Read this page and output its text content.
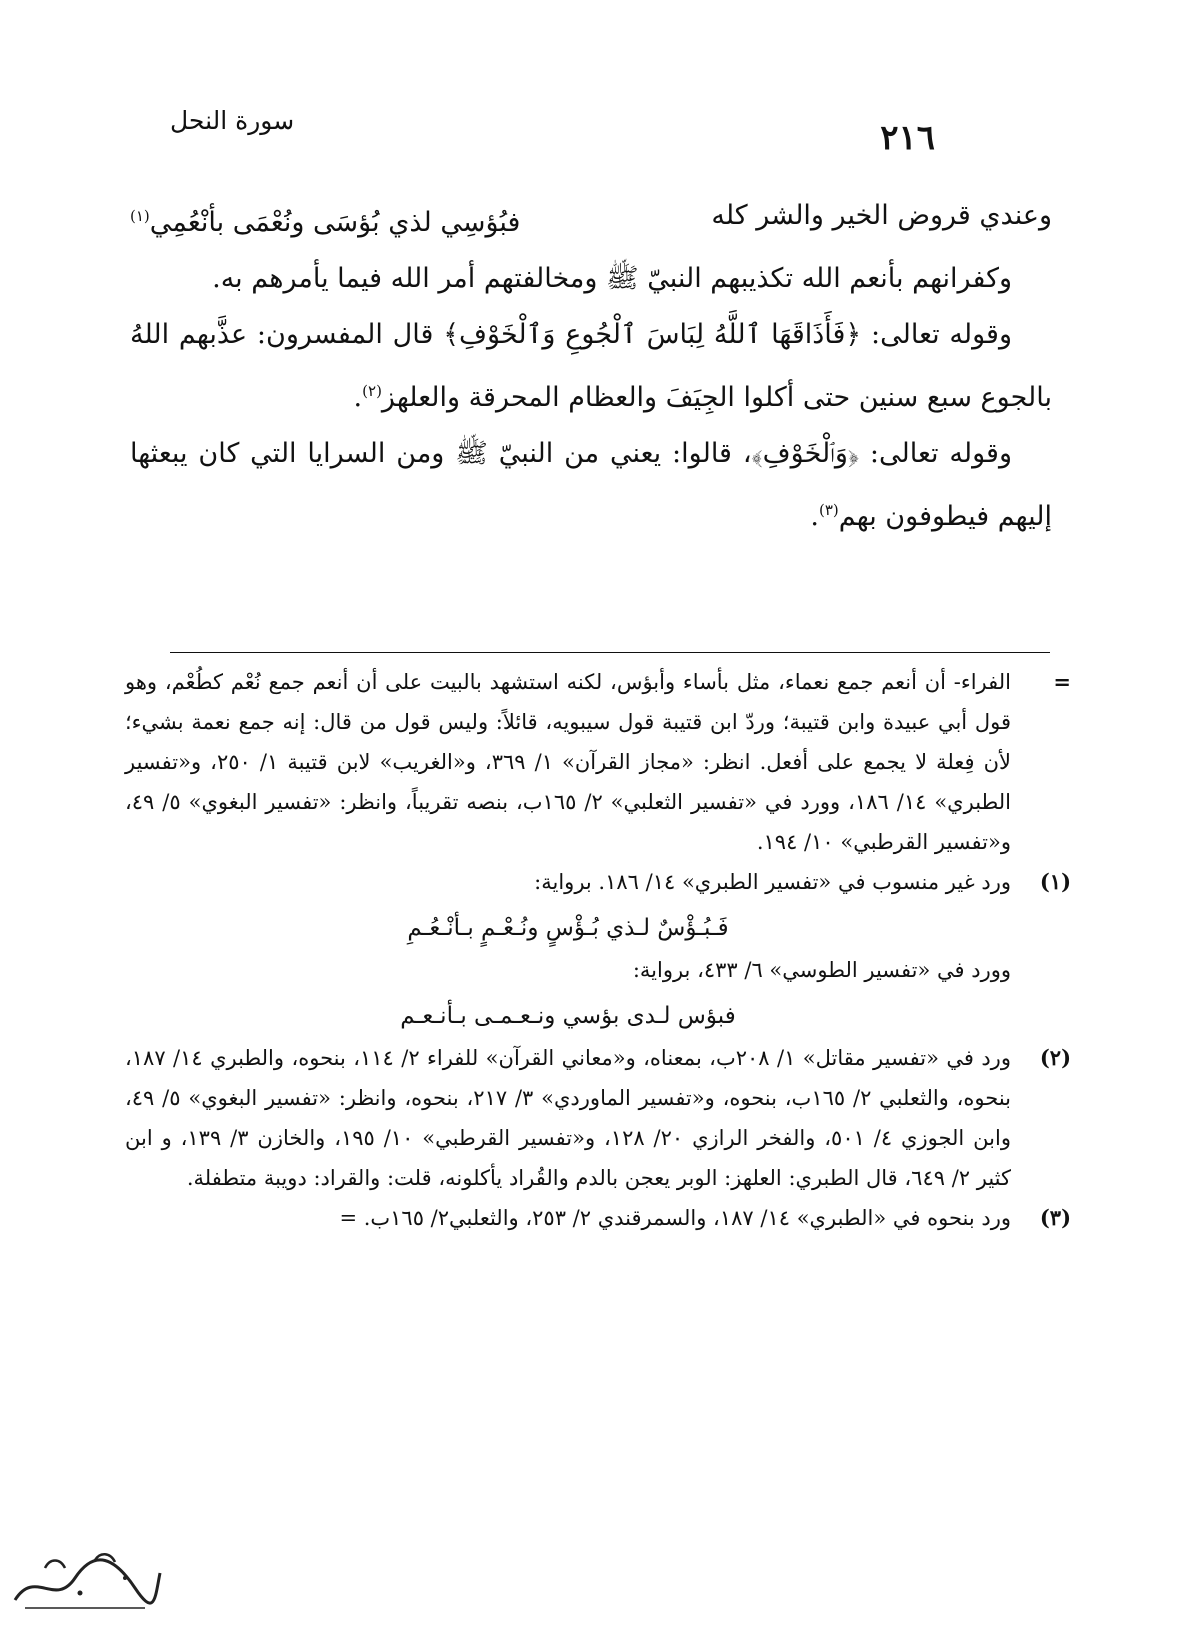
٢١٦
سورة النحل
وعندي قروض الخير والشر كله
فبُؤسِي لذي بُؤسَى ونُعْمَى بأنْعُمِي$^{(١)}$

وكفرانهم بأنعم الله تكذيبهم النبيّ ﷺ ومخالفتهم أمر الله فيما يأمرهم به.

وقوله تعالى: ﴿فَأَذَاقَهَا ٱللَّهُ لِبَاسَ ٱلْجُوعِ وَٱلْخَوْفِ﴾ قال المفسرون: عذَّبهم اللهُ بالجوع سبع سنين حتى أكلوا الجِيَفَ والعظام المحرقة والعلهز$^{(٢)}$.

وقوله تعالى: ﴿وَٱلْخَوْفِ﴾، قالوا: يعني من النبيّ ﷺ ومن السرايا التي كان يبعثها إليهم فيطوفون بهم$^{(٣)}$.

=
الفراء- أن أنعم جمع نعماء، مثل بأساء وأبؤس، لكنه استشهد بالبيت على أن أنعم جمع نُعْم كطُعْم، وهو قول أبي عبيدة وابن قتيبة؛ وردّ ابن قتيبة قول سيبويه، قائلاً: وليس قول من قال: إنه جمع نعمة بشيء؛ لأن فِعلة لا يجمع على أفعل. انظر: «مجاز القرآن» ١/ ٣٦٩، و«الغريب» لابن قتيبة ١/ ٢٥٠، و«تفسير الطبري» ١٤/ ١٨٦، وورد في «تفسير الثعلبي» ٢/ ١٦٥ب، بنصه تقريباً، وانظر: «تفسير البغوي» ٥/ ٤٩، و«تفسير القرطبي» ١٠/ ١٩٤.

(١)
ورد غير منسوب في «تفسير الطبري» ١٤/ ١٨٦. برواية:

فَـبُـؤْسٌ لـذي بُـؤْسٍ ونُـعْـمٍ بـأنْـعُـمِ

وورد في «تفسير الطوسي» ٦/ ٤٣٣، برواية:

فبؤس لـدى بؤسي ونـعـمـى بـأنـعـم

(٢)
ورد في «تفسير مقاتل» ١/ ٢٠٨ب، بمعناه، و«معاني القرآن» للفراء ٢/ ١١٤، بنحوه، والطبري ١٤/ ١٨٧، بنحوه، والثعلبي ٢/ ١٦٥ب، بنحوه، و«تفسير الماوردي» ٣/ ٢١٧، بنحوه، وانظر: «تفسير البغوي» ٥/ ٤٩، وابن الجوزي ٤/ ٥٠١، والفخر الرازي ٢٠/ ١٢٨، و«تفسير القرطبي» ١٠/ ١٩٥، والخازن ٣/ ١٣٩، و ابن كثير ٢/ ٦٤٩، قال الطبري: العلهز: الوبر يعجن بالدم والقُراد يأكلونه، قلت: والقراد: دويبة متطفلة.

(٣)
ورد بنحوه في «الطبري» ١٤/ ١٨٧، والسمرقندي ٢/ ٢٥٣، والثعلبي٢/ ١٦٥ب. =
